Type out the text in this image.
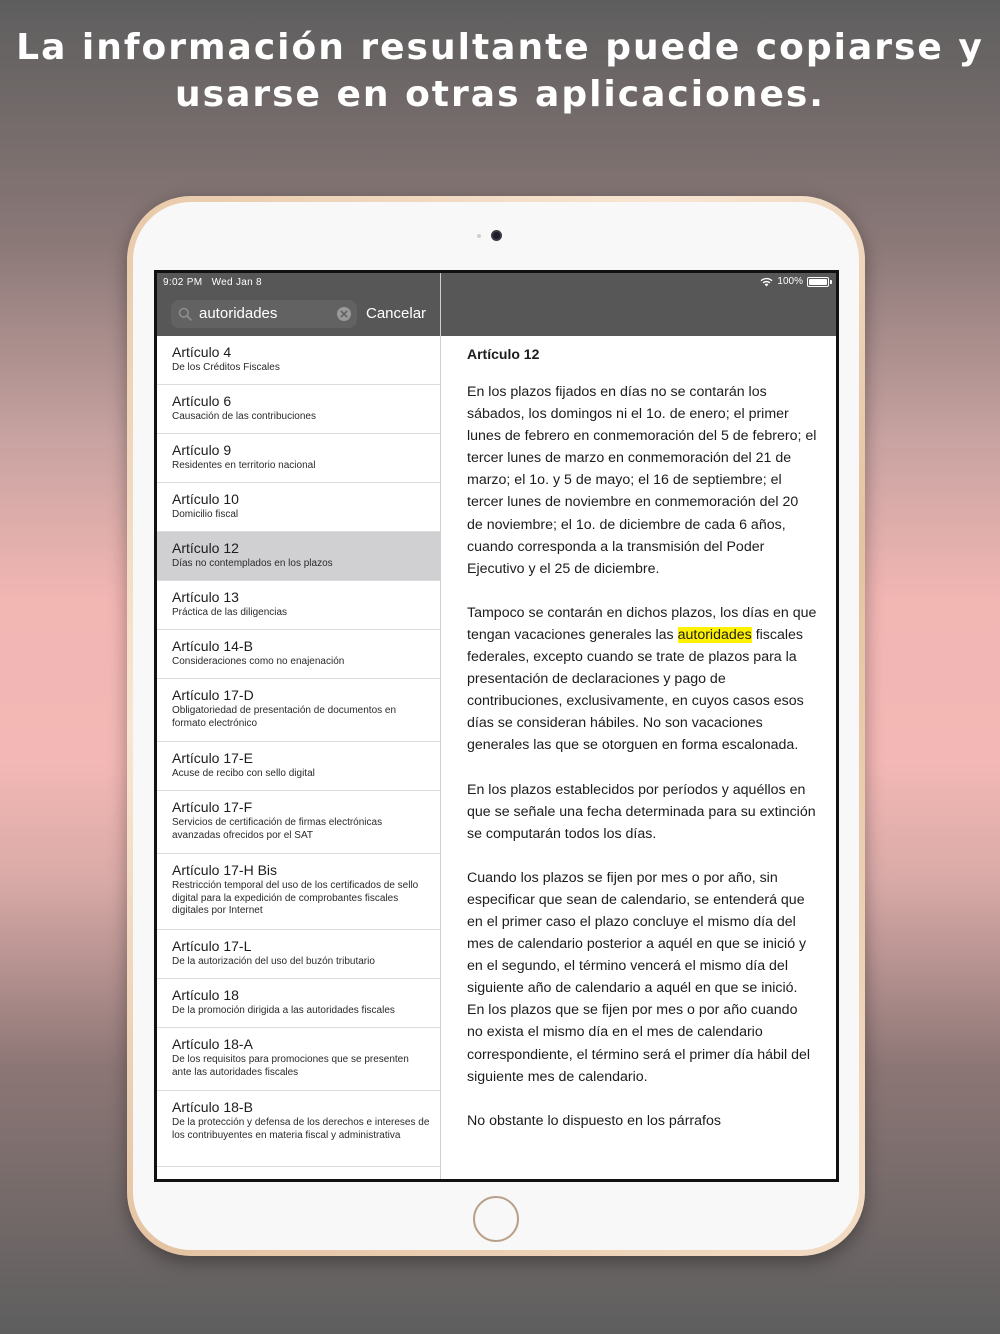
La información resultante puede copiarse y usarse en otras aplicaciones.
9:02 PM Wed Jan 8	100%
autoridades	Cancelar
Artículo 4
De los Créditos Fiscales
Artículo 6
Causación de las contribuciones
Artículo 9
Residentes en territorio nacional
Artículo 10
Domicilio fiscal
Artículo 12
Días no contemplados en los plazos
Artículo 13
Práctica de las diligencias
Artículo 14-B
Consideraciones como no enajenación
Artículo 17-D
Obligatoriedad de presentación de documentos en formato electrónico
Artículo 17-E
Acuse de recibo con sello digital
Artículo 17-F
Servicios de certificación de firmas electrónicas avanzadas ofrecidos por el SAT
Artículo 17-H Bis
Restricción temporal del uso de los certificados de sello digital para la expedición de comprobantes fiscales digitales por Internet
Artículo 17-L
De la autorización del uso del buzón tributario
Artículo 18
De la promoción dirigida a las autoridades fiscales
Artículo 18-A
De los requisitos para promociones que se presenten ante las autoridades fiscales
Artículo 18-B
De la protección y defensa de los derechos e intereses de los contribuyentes en materia fiscal y administrativa
Artículo 12

En los plazos fijados en días no se contarán los sábados, los domingos ni el 1o. de enero; el primer lunes de febrero en conmemoración del 5 de febrero; el tercer lunes de marzo en conmemoración del 21 de marzo; el 1o. y 5 de mayo; el 16 de septiembre; el tercer lunes de noviembre en conmemoración del 20 de noviembre; el 1o. de diciembre de cada 6 años, cuando corresponda a la transmisión del Poder Ejecutivo y el 25 de diciembre.

Tampoco se contarán en dichos plazos, los días en que tengan vacaciones generales las autoridades fiscales federales, excepto cuando se trate de plazos para la presentación de declaraciones y pago de contribuciones, exclusivamente, en cuyos casos esos días se consideran hábiles. No son vacaciones generales las que se otorguen en forma escalonada.

En los plazos establecidos por períodos y aquéllos en que se señale una fecha determinada para su extinción se computarán todos los días.

Cuando los plazos se fijen por mes o por año, sin especificar que sean de calendario, se entenderá que en el primer caso el plazo concluye el mismo día del mes de calendario posterior a aquél en que se inició y en el segundo, el término vencerá el mismo día del siguiente año de calendario a aquél en que se inició. En los plazos que se fijen por mes o por año cuando no exista el mismo día en el mes de calendario correspondiente, el término será el primer día hábil del siguiente mes de calendario.

No obstante lo dispuesto en los párrafos
